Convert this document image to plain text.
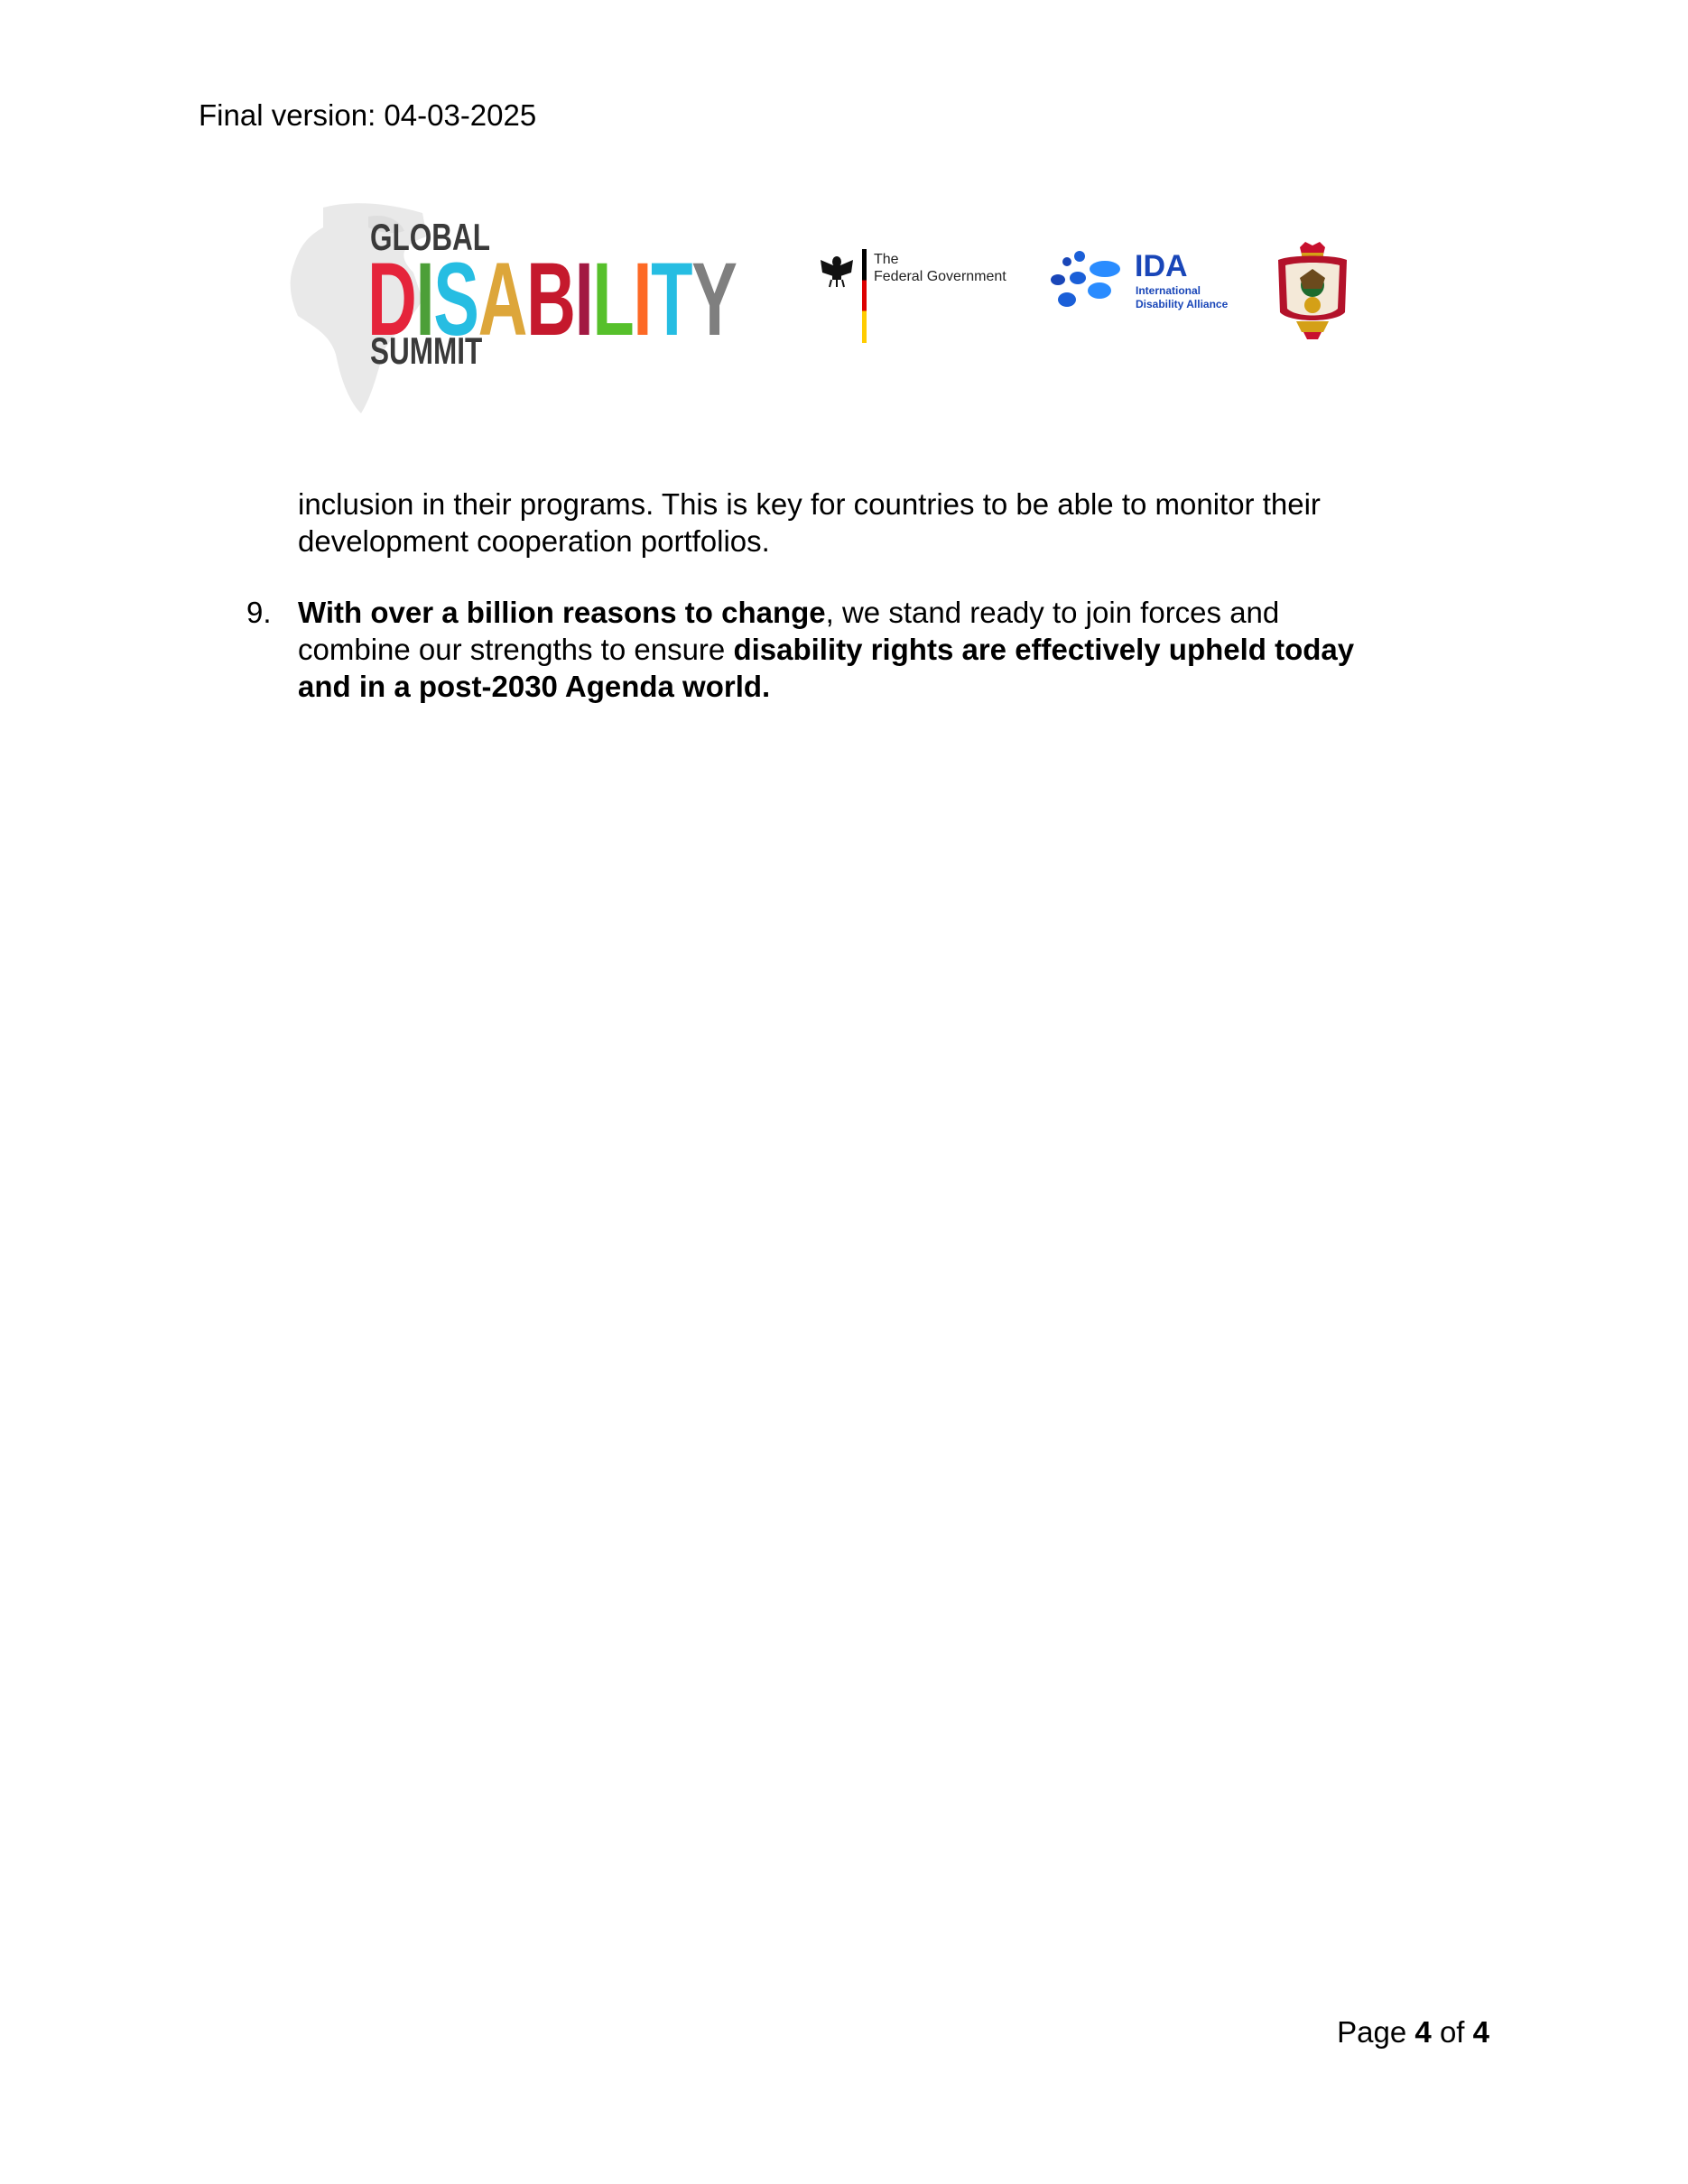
Final version: 04-03-2025
GLOBAL
DISABILITY
SUMMIT
The
Federal Government	IDA
International
Disability Alliance
inclusion in their programs. This is key for countries to be able to monitor their
development cooperation portfolios.
9. With over a billion reasons to change, we stand ready to join forces and
combine our strengths to ensure disability rights are effectively upheld today
and in a post-2030 Agenda world.
Page 4 of 4
